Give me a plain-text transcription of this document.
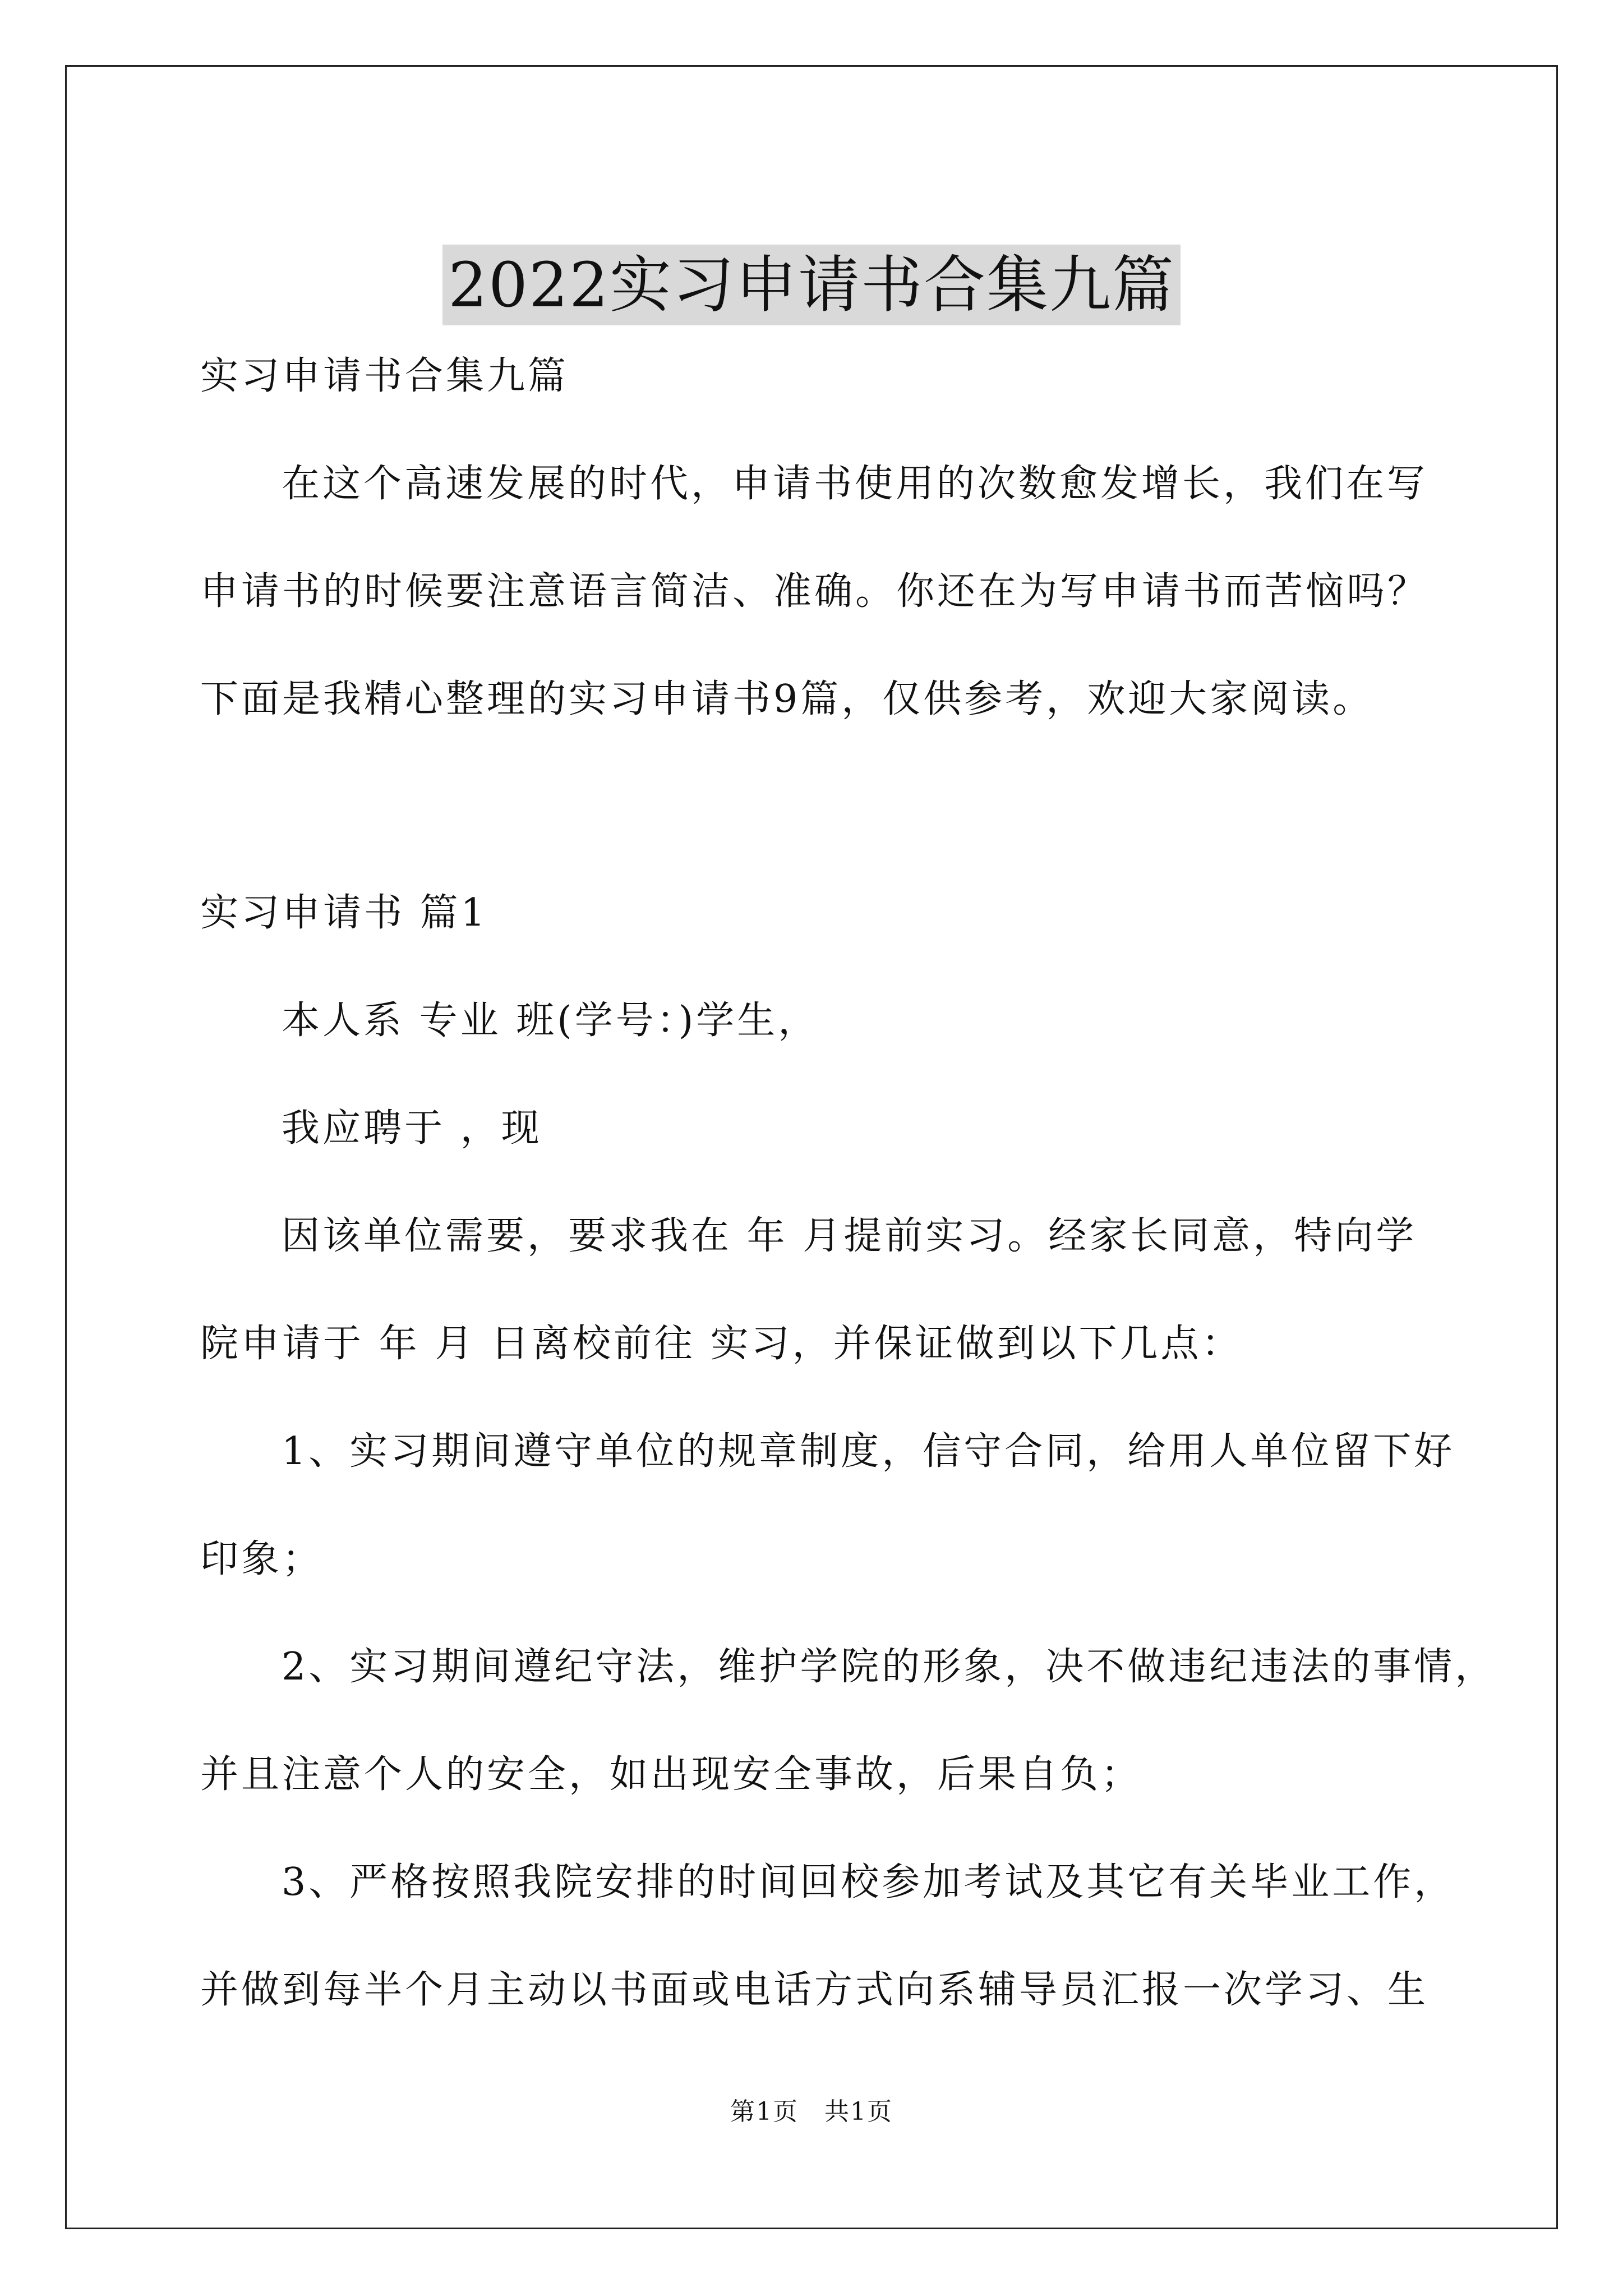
2022实习申请书合集九篇
实习申请书合集九篇
在这个高速发展的时代，申请书使用的次数愈发增长，我们在写
申请书的时候要注意语言简洁、准确。你还在为写申请书而苦恼吗？
下面是我精心整理的实习申请书9篇，仅供参考，欢迎大家阅读。
实习申请书 篇1
本人系 专业 班(学号：)学生，
我应聘于 ，现
因该单位需要，要求我在 年 月提前实习。经家长同意，特向学
院申请于 年 月 日离校前往 实习，并保证做到以下几点：
1、实习期间遵守单位的规章制度，信守合同，给用人单位留下好
印象；
2、实习期间遵纪守法，维护学院的形象，决不做违纪违法的事情，
并且注意个人的安全，如出现安全事故，后果自负；
3、严格按照我院安排的时间回校参加考试及其它有关毕业工作，
并做到每半个月主动以书面或电话方式向系辅导员汇报一次学习、生
第1页 共1页
